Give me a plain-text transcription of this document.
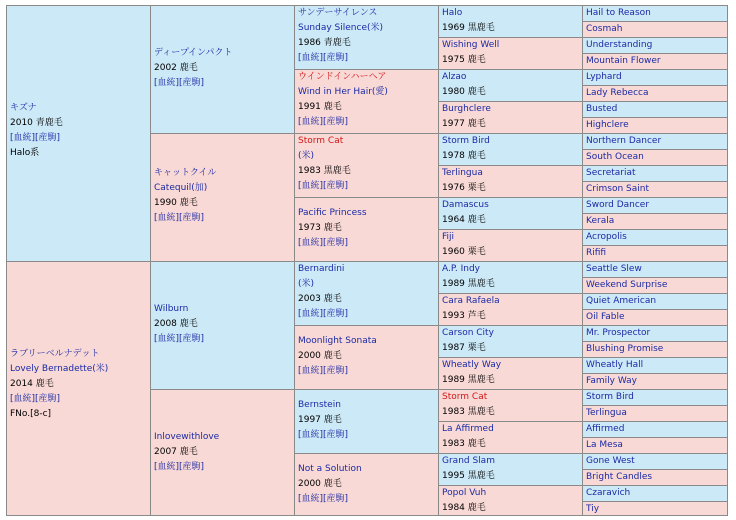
キズナ
2010 青鹿毛
[血統][産駒]
Halo系
ラブリーベルナデット
Lovely Bernadette(米)
2014 鹿毛
[血統][産駒]
FNo.[8-c]
ディープインパクト
2002 鹿毛
[血統][産駒]
キャットクイル
Catequil(加)
1990 鹿毛
[血統][産駒]
Wilburn
2008 鹿毛
[血統][産駒]
Inlovewithlove
2007 鹿毛
[血統][産駒]
サンデーサイレンス
Sunday Silence(米)
1986 青鹿毛
[血統][産駒]
ウインドインハーヘア
Wind in Her Hair(愛)
1991 鹿毛
[血統][産駒]
Storm Cat
(米)
1983 黒鹿毛
[血統][産駒]
Pacific Princess
1973 鹿毛
[血統][産駒]
Bernardini
(米)
2003 鹿毛
[血統][産駒]
Moonlight Sonata
2000 鹿毛
[血統][産駒]
Bernstein
1997 鹿毛
[血統][産駒]
Not a Solution
2000 鹿毛
[血統][産駒]
Halo
1969 黒鹿毛
Wishing Well
1975 鹿毛
Alzao
1980 鹿毛
Burghclere
1977 鹿毛
Storm Bird
1978 鹿毛
Terlingua
1976 栗毛
Damascus
1964 鹿毛
Fiji
1960 栗毛
A.P. Indy
1989 黒鹿毛
Cara Rafaela
1993 芦毛
Carson City
1987 栗毛
Wheatly Way
1989 黒鹿毛
Storm Cat
1983 黒鹿毛
La Affirmed
1983 鹿毛
Grand Slam
1995 黒鹿毛
Popol Vuh
1984 鹿毛
Hail to Reason
Cosmah
Understanding
Mountain Flower
Lyphard
Lady Rebecca
Busted
Highclere
Northern Dancer
South Ocean
Secretariat
Crimson Saint
Sword Dancer
Kerala
Acropolis
Rififi
Seattle Slew
Weekend Surprise
Quiet American
Oil Fable
Mr. Prospector
Blushing Promise
Wheatly Hall
Family Way
Storm Bird
Terlingua
Affirmed
La Mesa
Gone West
Bright Candles
Czaravich
Tiy
